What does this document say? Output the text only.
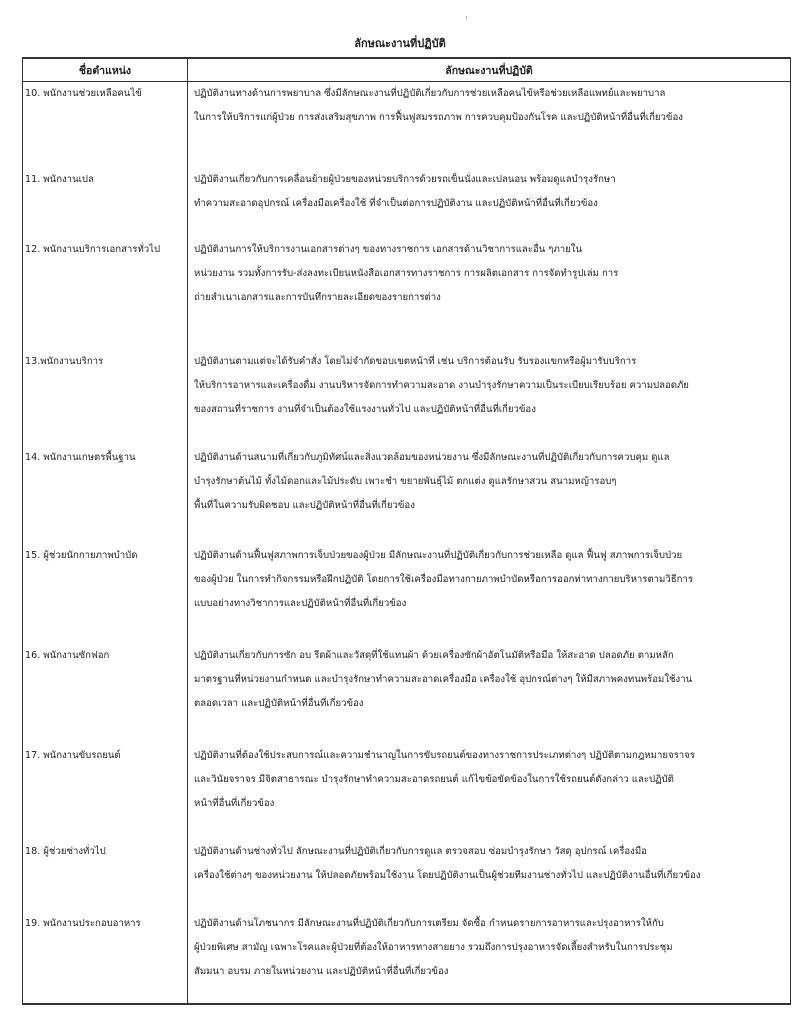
ลักษณะงานที่ปฏิบัติ
ชื่อตำแหน่ง	ลักษณะงานที่ปฏิบัติ
10. พนักงานช่วยเหลือคนไข้	ปฏิบัติงานทางด้านการพยาบาล ซึ่งมีลักษณะงานที่ปฏิบัติเกี่ยวกับการช่วยเหลือคนไข้หรือช่วยเหลือแพทย์และพยาบาล
ในการให้บริการแก่ผู้ป่วย การส่งเสริมสุขภาพ การฟื้นฟูสมรรถภาพ การควบคุมป้องกันโรค และปฏิบัติหน้าที่อื่นที่เกี่ยวข้อง

11. พนักงานเปล	ปฏิบัติงานเกี่ยวกับการเคลื่อนย้ายผู้ป่วยของหน่วยบริการด้วยรถเข็นนั่งและเปลนอน พร้อมดูแลบำรุงรักษา
ทำความสะอาดอุปกรณ์ เครื่องมือเครื่องใช้ ที่จำเป็นต่อการปฏิบัติงาน และปฏิบัติหน้าที่อื่นที่เกี่ยวข้อง

12. พนักงานบริการเอกสารทั่วไป	ปฏิบัติงานการให้บริการงานเอกสารต่างๆ ของทางราชการ เอกสารด้านวิชาการและอื่น ๆภายใน
หน่วยงาน รวมทั้งการรับ-ส่งลงทะเบียนหนังสือเอกสารทางราชการ การผลิตเอกสาร การจัดทำรูปเล่ม การ
ถ่ายสำเนาเอกสารและการบันทึกรายละเอียดของรายการต่าง

13.พนักงานบริการ	ปฏิบัติงานตามแต่จะได้รับคำสั่ง โดยไม่จำกัดขอบเขตหน้าที่ เช่น บริการต้อนรับ รับรองแขกหรือผู้มารับบริการ
ให้บริการอาหารและเครื่องดื่ม งานบริหารจัดการทำความสะอาด งานบำรุงรักษาความเป็นระเบียบเรียบร้อย ความปลอดภัย
ของสถานที่ราชการ งานที่จำเป็นต้องใช้แรงงานทั่วไป และปฏิบัติหน้าที่อื่นที่เกี่ยวข้อง

14. พนักงานเกษตรพื้นฐาน	ปฏิบัติงานด้านสนามที่เกี่ยวกับภูมิทัศน์และสิ่งแวดล้อมของหน่วยงาน ซึ่งมีลักษณะงานที่ปฏิบัติเกี่ยวกับการควบคุม ดูแล
บำรุงรักษาต้นไม้ ทั้งไม้ดอกและไม้ประดับ เพาะชำ ขยายพันธุ์ไม้ ตกแต่ง ดูแลรักษาสวน สนามหญ้ารอบๆ
พื้นที่ในความรับผิดชอบ และปฏิบัติหน้าที่อื่นที่เกี่ยวข้อง

15. ผู้ช่วยนักกายภาพบำบัด	ปฏิบัติงานด้านฟื้นฟูสภาพการเจ็บป่วยของผู้ป่วย มีลักษณะงานที่ปฏิบัติเกี่ยวกับการช่วยเหลือ ดูแล ฟื้นฟู สภาพการเจ็บป่วย
ของผู้ป่วย ในการทำกิจกรรมหรือฝึกปฏิบัติ โดยการใช้เครื่องมือทางกายภาพบำบัดหรือการออกท่าทางกายบริหารตามวิธีการ
แบบอย่างทางวิชาการและปฏิบัติหน้าที่อื่นที่เกี่ยวข้อง

16. พนักงานซักฟอก	ปฏิบัติงานเกี่ยวกับการซัก อบ รีดผ้าและวัสดุที่ใช้แทนผ้า ด้วยเครื่องซักผ้าอัตโนมัติหรือมือ ให้สะอาด ปลอดภัย ตามหลัก
มาตรฐานที่หน่วยงานกำหนด และบำรุงรักษาทำความสะอาดเครื่องมือ เครื่องใช้ อุปกรณ์ต่างๆ ให้มีสภาพคงทนพร้อมใช้งาน
ตลอดเวลา และปฏิบัติหน้าที่อื่นที่เกี่ยวข้อง

17. พนักงานขับรถยนต์	ปฏิบัติงานที่ต้องใช้ประสบการณ์และความชำนาญในการขับรถยนต์ของทางราชการประเภทต่างๆ ปฏิบัติตามกฎหมายจราจร
และวินัยจราจร มีจิตสาธารณะ บำรุงรักษาทำความสะอาดรถยนต์ แก้ไขข้อขัดข้องในการใช้รถยนต์ดังกล่าว และปฏิบัติ
หน้าที่อื่นที่เกี่ยวข้อง

18. ผู้ช่วยช่างทั่วไป	ปฏิบัติงานด้านช่างทั่วไป ลักษณะงานที่ปฏิบัติเกี่ยวกับการดูแล ตรวจสอบ ซ่อมบำรุงรักษา วัสดุ อุปกรณ์ เครื่องมือ
เครื่องใช้ต่างๆ ของหน่วยงาน ให้ปลอดภัยพร้อมใช้งาน โดยปฏิบัติงานเป็นผู้ช่วยทีมงานช่างทั่วไป และปฏิบัติงานอื่นที่เกี่ยวข้อง

19. พนักงานประกอบอาหาร	ปฏิบัติงานด้านโภชนากร มีลักษณะงานที่ปฏิบัติเกี่ยวกับการเตรียม จัดซื้อ กำหนดรายการอาหารและปรุงอาหารให้กับ
ผู้ป่วยพิเศษ สามัญ เฉพาะโรคและผู้ป่วยที่ต้องให้อาหารทางสายยาง รวมถึงการปรุงอาหารจัดเลี้ยงสำหรับในการประชุม
สัมมนา อบรม ภายในหน่วยงาน และปฏิบัติหน้าที่อื่นที่เกี่ยวข้อง
